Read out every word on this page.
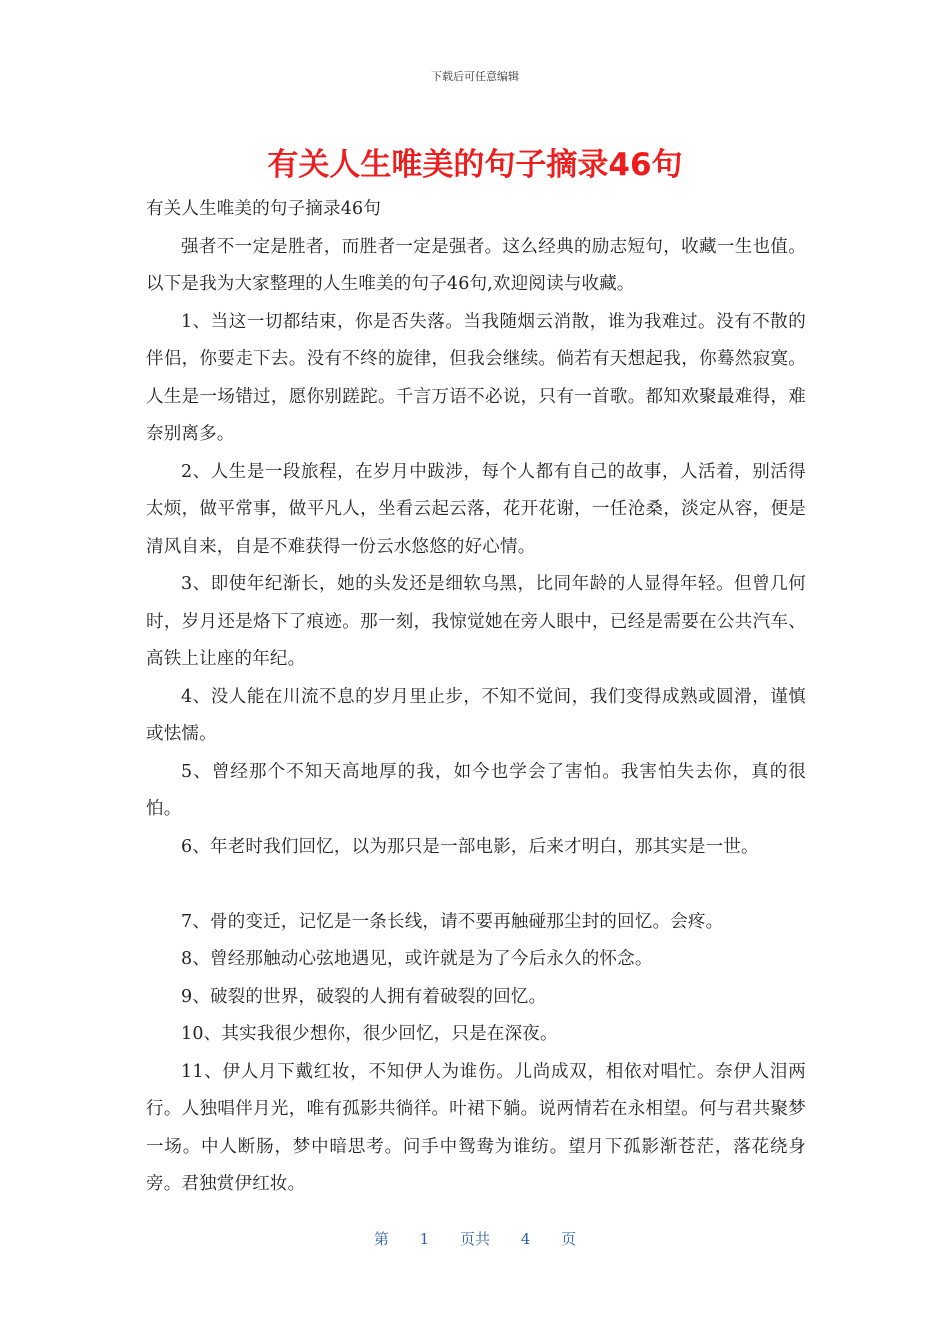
下载后可任意编辑
有关人生唯美的句子摘录46句

有关人生唯美的句子摘录46句

强者不一定是胜者，而胜者一定是强者。这么经典的励志短句，收藏一生也值。以下是我为大家整理的人生唯美的句子46句,欢迎阅读与收藏。

1、当这一切都结束，你是否失落。当我随烟云消散，谁为我难过。没有不散的伴侣，你要走下去。没有不终的旋律，但我会继续。倘若有天想起我，你蓦然寂寞。人生是一场错过，愿你别蹉跎。千言万语不必说，只有一首歌。都知欢聚最难得，难奈别离多。

2、人生是一段旅程，在岁月中跋涉，每个人都有自己的故事，人活着，别活得太烦，做平常事，做平凡人，坐看云起云落，花开花谢，一任沧桑，淡定从容，便是清风自来，自是不难获得一份云水悠悠的好心情。

3、即使年纪渐长，她的头发还是细软乌黑，比同年龄的人显得年轻。但曾几何时，岁月还是烙下了痕迹。那一刻，我惊觉她在旁人眼中，已经是需要在公共汽车、高铁上让座的年纪。

4、没人能在川流不息的岁月里止步，不知不觉间，我们变得成熟或圆滑，谨慎或怯懦。

5、曾经那个不知天高地厚的我，如今也学会了害怕。我害怕失去你，真的很怕。

6、年老时我们回忆，以为那只是一部电影，后来才明白，那其实是一世。

7、骨的变迁，记忆是一条长线，请不要再触碰那尘封的回忆。会疼。

8、曾经那触动心弦地遇见，或许就是为了今后永久的怀念。

9、破裂的世界，破裂的人拥有着破裂的回忆。

10、其实我很少想你，很少回忆，只是在深夜。

11、伊人月下戴红妆，不知伊人为谁伤。儿尚成双，相依对唱忙。奈伊人泪两行。人独唱伴月光，唯有孤影共徜徉。叶裙下躺。说两情若在永相望。何与君共聚梦一场。中人断肠，梦中暗思考。问手中鸳鸯为谁纺。望月下孤影渐苍茫，落花绕身旁。君独赏伊红妆。

第 1 页共 4 页
